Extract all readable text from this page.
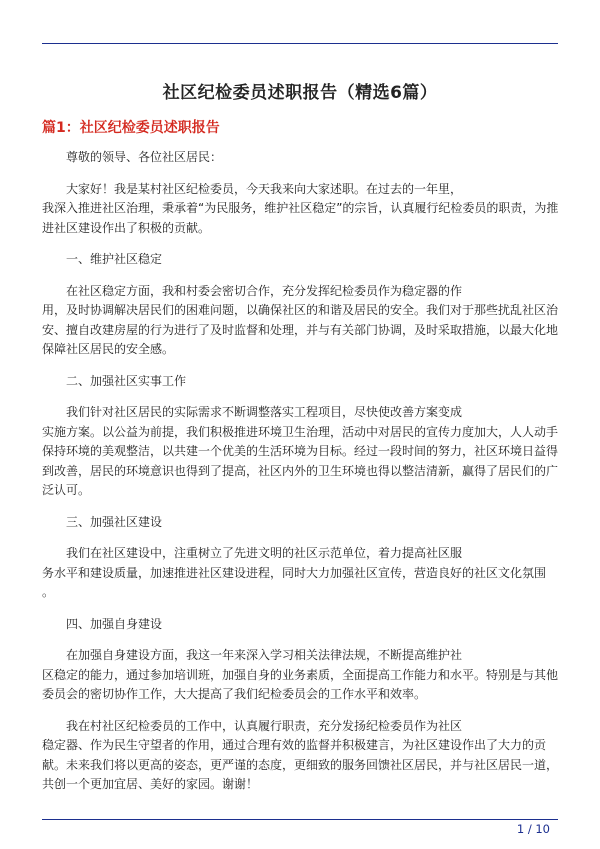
社区纪检委员述职报告（精选6篇）
篇1：社区纪检委员述职报告

尊敬的领导、各位社区居民：

大家好！我是某村社区纪检委员，今天我来向大家述职。在过去的一年里，
我深入推进社区治理，秉承着“为民服务，维护社区稳定”的宗旨，认真履行纪检委员的职责，为推进社区建设作出了积极的贡献。

一、维护社区稳定

在社区稳定方面，我和村委会密切合作，充分发挥纪检委员作为稳定器的作
用，及时协调解决居民们的困难问题，以确保社区的和谐及居民的安全。我们对于那些扰乱社区治安、擅自改建房屋的行为进行了及时监督和处理，并与有关部门协调，及时采取措施，以最大化地保障社区居民的安全感。

二、加强社区实事工作

我们针对社区居民的实际需求不断调整落实工程项目，尽快使改善方案变成
实施方案。以公益为前提，我们积极推进环境卫生治理，活动中对居民的宣传力度加大，人人动手保持环境的美观整洁，以共建一个优美的生活环境为目标。经过一段时间的努力，社区环境日益得到改善，居民的环境意识也得到了提高，社区内外的卫生环境也得以整洁清新，赢得了居民们的广泛认可。

三、加强社区建设

我们在社区建设中，注重树立了先进文明的社区示范单位，着力提高社区服
务水平和建设质量，加速推进社区建设进程，同时大力加强社区宣传，营造良好的社区文化氛围
。

四、加强自身建设

在加强自身建设方面，我这一年来深入学习相关法律法规，不断提高维护社
区稳定的能力，通过参加培训班，加强自身的业务素质，全面提高工作能力和水平。特别是与其他委员会的密切协作工作，大大提高了我们纪检委员会的工作水平和效率。

我在村社区纪检委员的工作中，认真履行职责，充分发扬纪检委员作为社区
稳定器、作为民生守望者的作用，通过合理有效的监督并积极建言，为社区建设作出了大力的贡献。未来我们将以更高的姿态，更严谨的态度，更细致的服务回馈社区居民，并与社区居民一道，共创一个更加宜居、美好的家园。谢谢！

1 / 10
